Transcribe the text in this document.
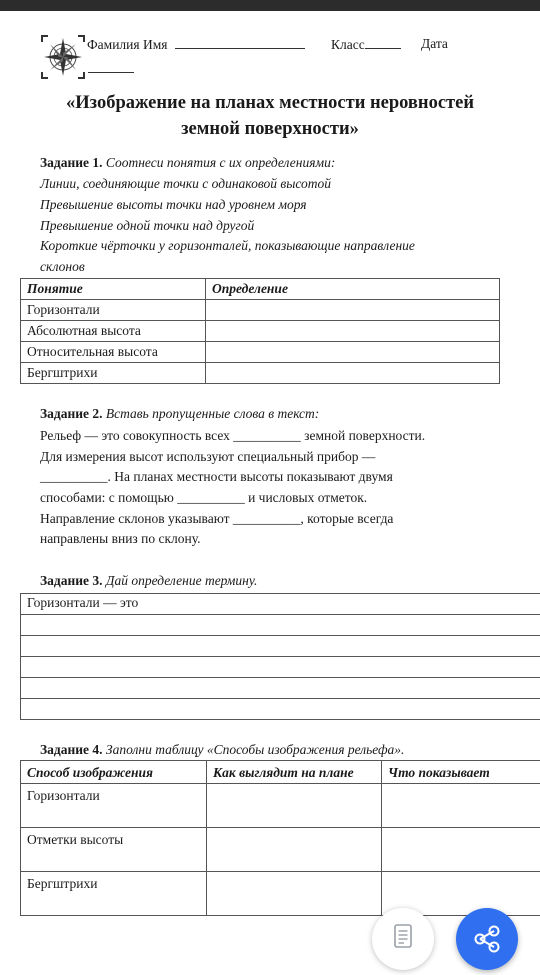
Фамилия Имя	Класс	Дата
«Изображение на планах местности неровностей
земной поверхности»
Задание 1. Соотнеси понятия с их определениями:
Линии, соединяющие точки с одинаковой высотой
Превышение высоты точки над уровнем моря
Превышение одной точки над другой
Короткие чёрточки у горизонталей, показывающие направление
склонов
Понятие	Определение
Горизонтали	
Абсолютная высота	
Относительная высота	
Бергштрихи	
Задание 2. Вставь пропущенные слова в текст:
Рельеф — это совокупность всех __________ земной поверхности.
Для измерения высот используют специальный прибор —
__________. На планах местности высоты показывают двумя
способами: с помощью __________ и числовых отметок.
Направление склонов указывают __________, которые всегда
направлены вниз по склону.
Задание 3. Дай определение термину.
Горизонтали — это

Задание 4. Заполни таблицу «Способы изображения рельефа».
Способ изображения	Как выглядит на плане	Что показывает
Горизонтали		
Отметки высоты		
Бергштрихи		
